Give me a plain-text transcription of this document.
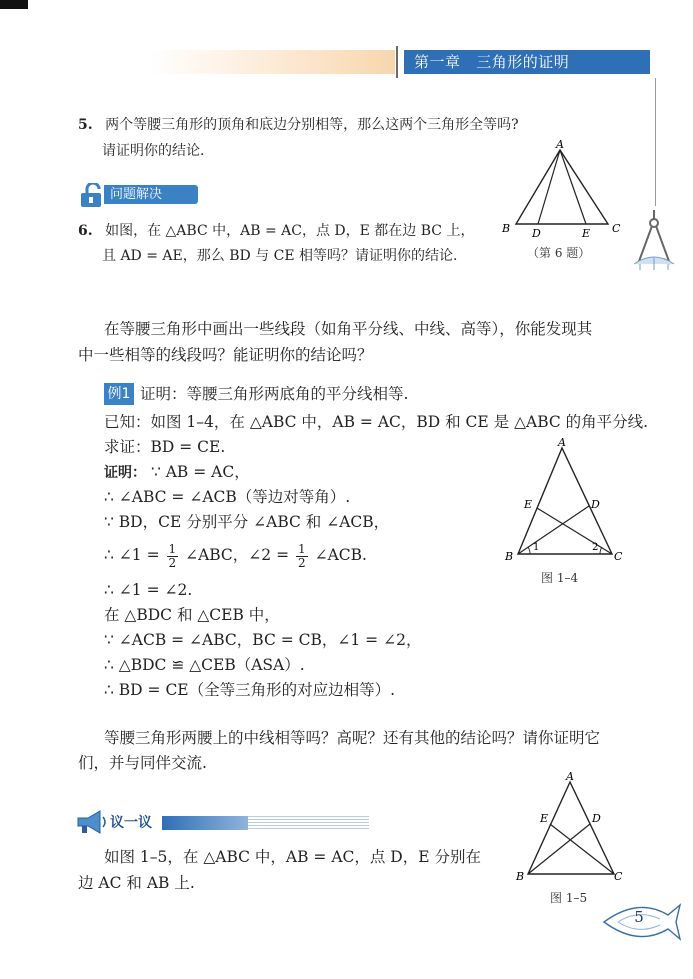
第一章   三角形的证明
5. 两个等腰三角形的顶角和底边分别相等，那么这两个三角形全等吗?
请证明你的结论.
问题解决
6. 如图，在 △ABC 中，AB = AC，点 D，E 都在边 BC 上，
且 AD = AE，那么 BD 与 CE 相等吗？请证明你的结论.
A
B	C
D	E
（第 6 题）
在等腰三角形中画出一些线段（如角平分线、中线、高等），你能发现其
中一些相等的线段吗？能证明你的结论吗？
例1 证明：等腰三角形两底角的平分线相等.
已知：如图 1–4，在 △ABC 中，AB = AC，BD 和 CE 是 △ABC 的角平分线.
求证：BD = CE.
证明： ∵ AB = AC，
∴ ∠ABC = ∠ACB（等边对等角）.
∵ BD，CE 分别平分 ∠ABC 和 ∠ACB，
∴ ∠1 = $\frac{1}{2}$ ∠ABC，∠2 = $\frac{1}{2}$ ∠ACB.
∴ ∠1 = ∠2.
在 △BDC 和 △CEB 中，
∵ ∠ACB = ∠ABC，BC = CB，∠1 = ∠2，
∴ △BDC ≌ △CEB（ASA）.
∴ BD = CE（全等三角形的对应边相等）.
A
B	C
D
E
1	2
图 1–4
等腰三角形两腰上的中线相等吗？高呢？还有其他的结论吗？请你证明它
们，并与同伴交流.
议一议
如图 1–5，在 △ABC 中，AB = AC，点 D，E 分别在
边 AC 和 AB 上.
A
B	C
D
E
图 1–5
5
